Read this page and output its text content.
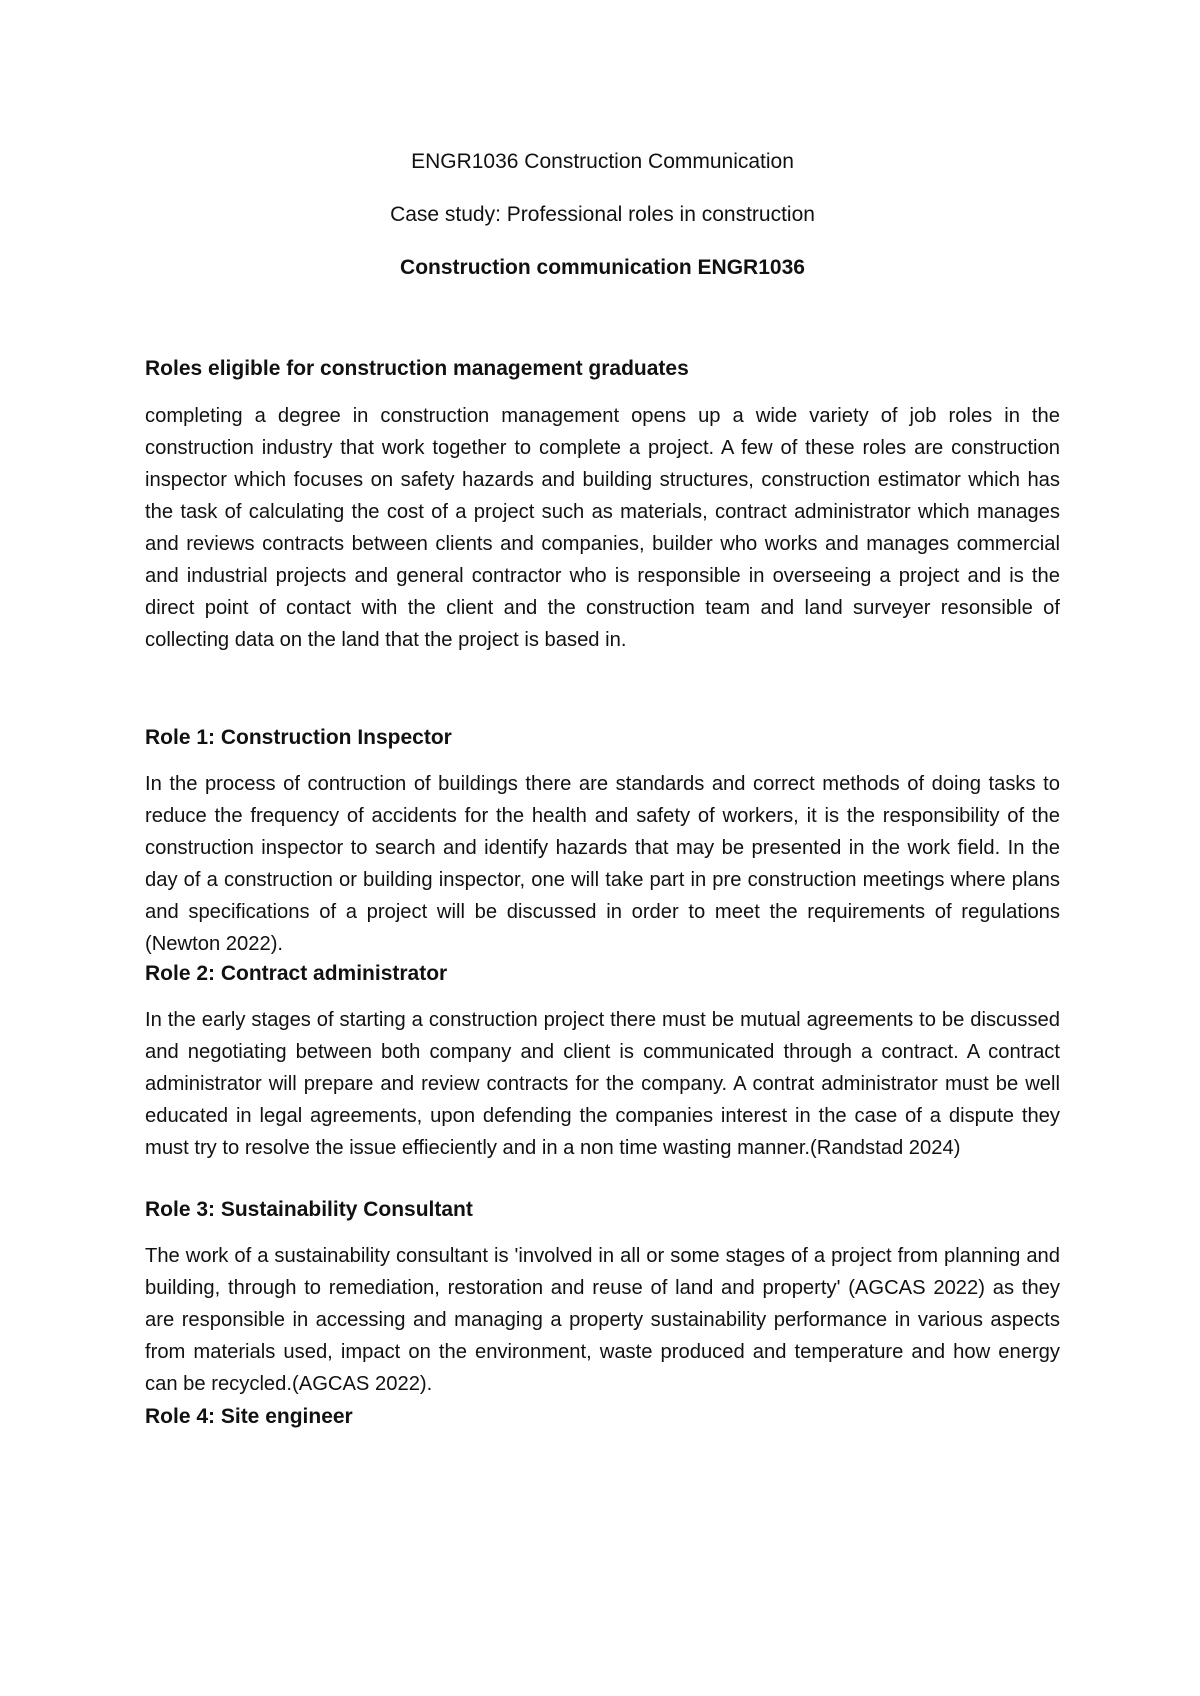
ENGR1036 Construction Communication
Case study: Professional roles in construction
Construction communication ENGR1036
Roles eligible for construction management graduates

completing a degree in construction management opens up a wide variety of job roles in the construction industry that work together to complete a project. A few of these roles are construction inspector which focuses on safety hazards and building structures, construction estimator which has the task of calculating the cost of a project such as materials, contract administrator which manages and reviews contracts between clients and companies, builder who works and manages commercial and industrial projects and general contractor who is responsible in overseeing a project and is the direct point of contact with the client and the construction team and land surveyer resonsible of collecting data on the land that the project is based in.

Role 1: Construction Inspector

In the process of contruction of buildings there are standards and correct methods of doing tasks to reduce the frequency of accidents for the health and safety of workers, it is the responsibility of the construction inspector to search and identify hazards that may be presented in the work field. In the day of a construction or building inspector, one will take part in pre construction meetings where plans and specifications of a project will be discussed in order to meet the requirements of regulations (Newton 2022).

Role 2: Contract administrator

In the early stages of starting a construction project there must be mutual agreements to be discussed and negotiating between both company and client is communicated through a contract. A contract administrator will prepare and review contracts for the company. A contrat administrator must be well educated in legal agreements, upon defending the companies interest in the case of a dispute they must try to resolve the issue effieciently and in a non time wasting manner.(Randstad 2024)

Role 3: Sustainability Consultant

The work of a sustainability consultant is 'involved in all or some stages of a project from planning and building, through to remediation, restoration and reuse of land and property' (AGCAS 2022) as they are responsible in accessing and managing a property sustainability performance in various aspects from materials used, impact on the environment, waste produced and temperature and how energy can be recycled.(AGCAS 2022).

Role 4: Site engineer
